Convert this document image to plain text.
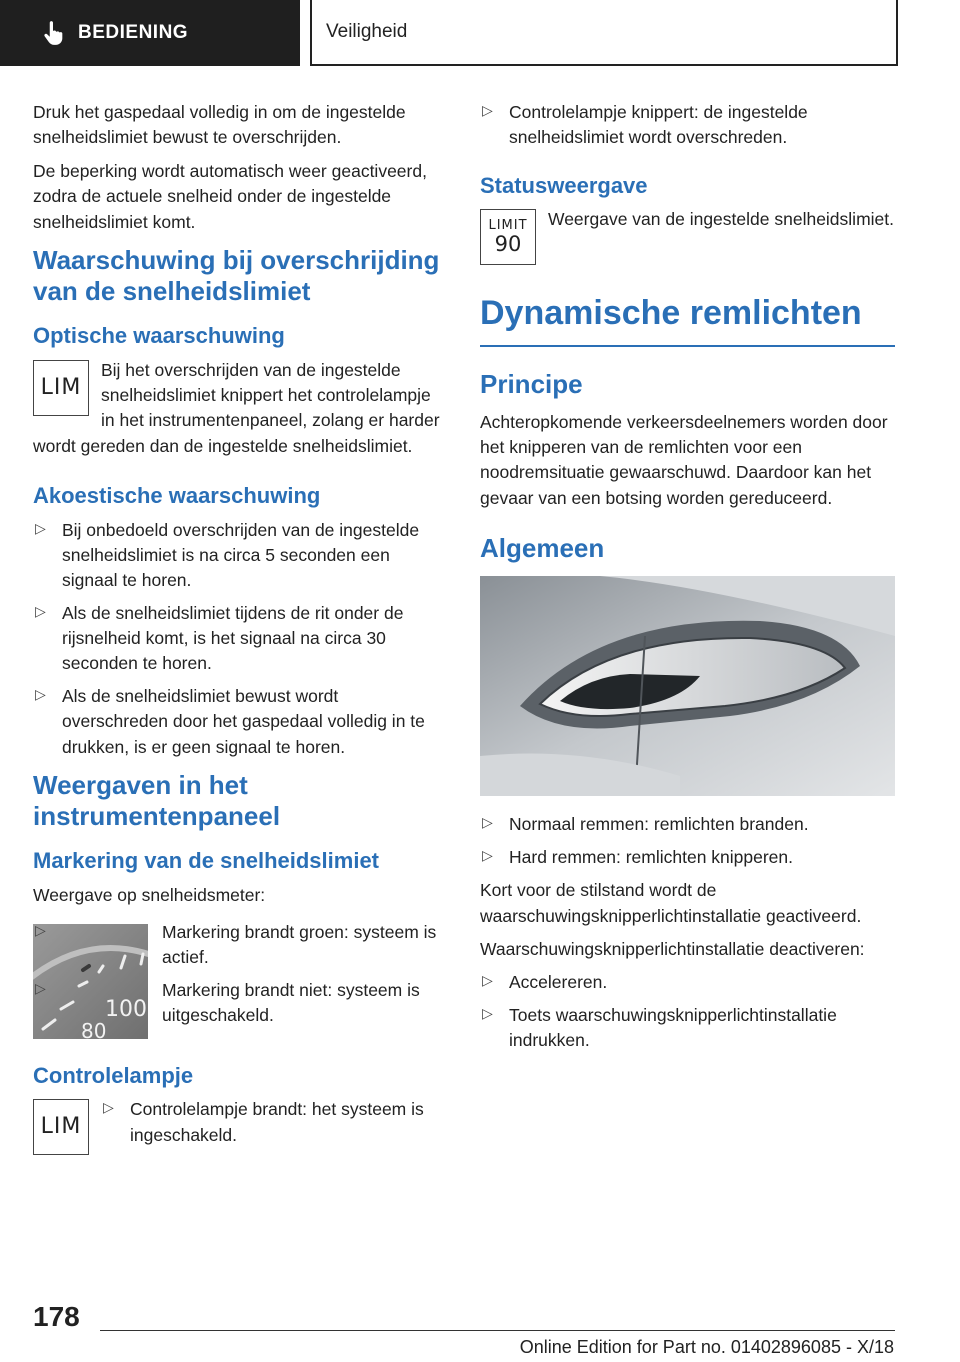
BEDIENING	Veiligheid

Druk het gaspedaal volledig in om de ingestelde snelheidslimiet bewust te overschrijden.

De beperking wordt automatisch weer geactiveerd, zodra de actuele snelheid onder de ingestelde snelheidslimiet komt.

Waarschuwing bij overschrijding van de snelheidslimiet
Optische waarschuwing
LIM

Bij het overschrijden van de ingestelde snelheidslimiet knippert het controlelampje in het instrumentenpaneel, zolang er harder wordt gereden dan de ingestelde snelheidslimiet.

Akoestische waarschuwing
▷ Bij onbedoeld overschrijden van de ingestelde snelheidslimiet is na circa 5 seconden een signaal te horen.
▷ Als de snelheidslimiet tijdens de rit onder de rijsnelheid komt, is het signaal na circa 30 seconden te horen.
▷ Als de snelheidslimiet bewust wordt overschreden door het gaspedaal volledig in te drukken, is er geen signaal te horen.
Weergaven in het instrumentenpaneel
Markering van de snelheidslimiet

Weergave op snelheidsmeter:

100
80
▷	Markering brandt groen: systeem is actief.
▷	Markering brandt niet: systeem is uitgeschakeld.
Controlelampje
LIM
▷ Controlelampje brandt: het systeem is ingeschakeld.
▷ Controlelampje knippert: de ingestelde snelheidslimiet wordt overschreden.
Statusweergave
LIMIT
90

Weergave van de ingestelde snelheidslimiet.

Dynamische remlichten
Principe

Achteropkomende verkeersdeelnemers worden door het knipperen van de remlichten voor een noodremsituatie gewaarschuwd. Daardoor kan het gevaar van een botsing worden gereduceerd.

Algemeen
▷ Normaal remmen: remlichten branden.
▷ Hard remmen: remlichten knipperen.

Kort voor de stilstand wordt de waarschuwingsknipperlichtinstallatie geactiveerd.

Waarschuwingsknipperlichtinstallatie deactiveren:

▷ Accelereren.
▷ Toets waarschuwingsknipperlichtinstallatie indrukken.
178
Online Edition for Part no. 01402896085 - X/18
